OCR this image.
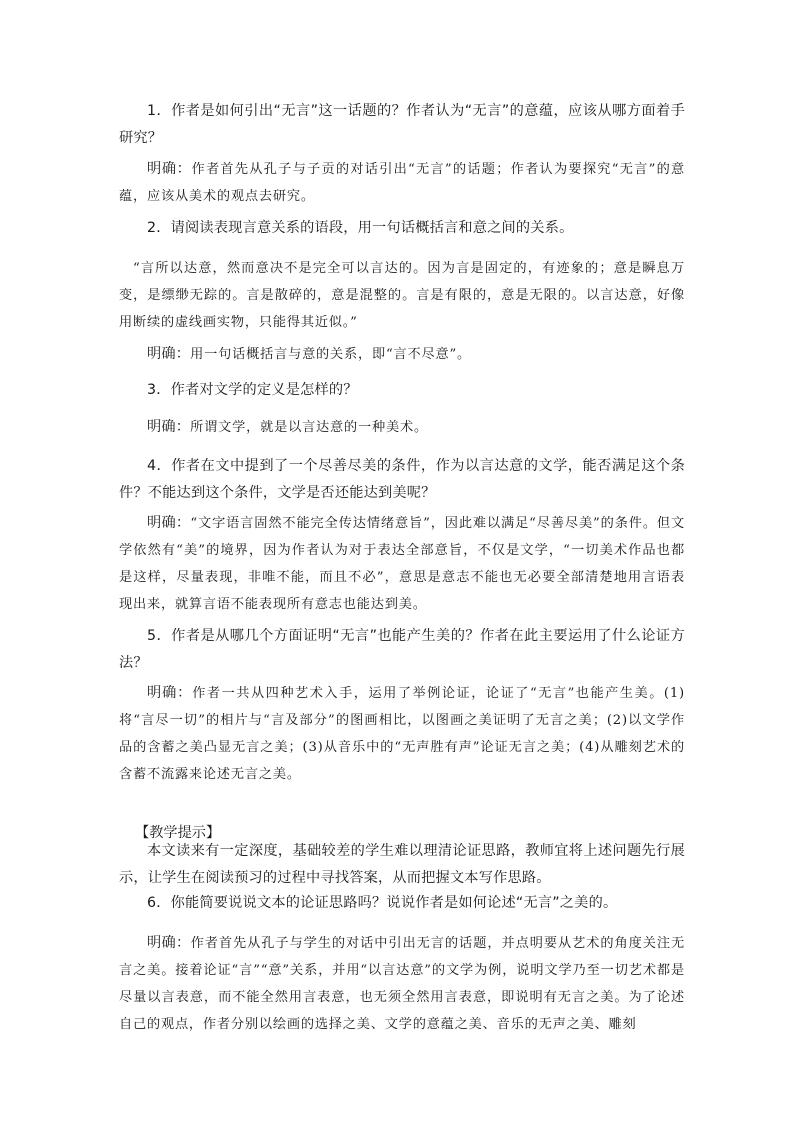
1．作者是如何引出“无言”这一话题的？作者认为“无言”的意蕴，应该从哪方面着手研究？
明确：作者首先从孔子与子贡的对话引出“无言”的话题；作者认为要探究“无言”的意蕴，应该从美术的观点去研究。
2．请阅读表现言意关系的语段，用一句话概括言和意之间的关系。
“言所以达意，然而意决不是完全可以言达的。因为言是固定的，有迹象的；意是瞬息万变，是缥缈无踪的。言是散碎的，意是混整的。言是有限的，意是无限的。以言达意，好像用断续的虚线画实物，只能得其近似。”
明确：用一句话概括言与意的关系，即“言不尽意”。
3．作者对文学的定义是怎样的？
明确：所谓文学，就是以言达意的一种美术。
4．作者在文中提到了一个尽善尽美的条件，作为以言达意的文学，能否满足这个条件？不能达到这个条件，文学是否还能达到美呢？
明确：“文字语言固然不能完全传达情绪意旨”，因此难以满足“尽善尽美”的条件。但文学依然有“美”的境界，因为作者认为对于表达全部意旨，不仅是文学，“一切美术作品也都是这样，尽量表现，非唯不能，而且不必”，意思是意志不能也无必要全部清楚地用言语表现出来，就算言语不能表现所有意志也能达到美。
5．作者是从哪几个方面证明“无言”也能产生美的？作者在此主要运用了什么论证方法？
明确：作者一共从四种艺术入手，运用了举例论证，论证了“无言”也能产生美。(1)将“言尽一切”的相片与“言及部分”的图画相比，以图画之美证明了无言之美；(2)以文学作品的含蓄之美凸显无言之美；(3)从音乐中的“无声胜有声”论证无言之美；(4)从雕刻艺术的含蓄不流露来论述无言之美。
【教学提示】
本文读来有一定深度，基础较差的学生难以理清论证思路，教师宜将上述问题先行展示，让学生在阅读预习的过程中寻找答案，从而把握文本写作思路。
6．你能简要说说文本的论证思路吗？说说作者是如何论述“无言”之美的。
明确：作者首先从孔子与学生的对话中引出无言的话题，并点明要从艺术的角度关注无言之美。接着论证“言”“意”关系，并用“以言达意”的文学为例，说明文学乃至一切艺术都是尽量以言表意，而不能全然用言表意，也无须全然用言表意，即说明有无言之美。为了论述自己的观点，作者分别以绘画的选择之美、文学的意蕴之美、音乐的无声之美、雕刻
